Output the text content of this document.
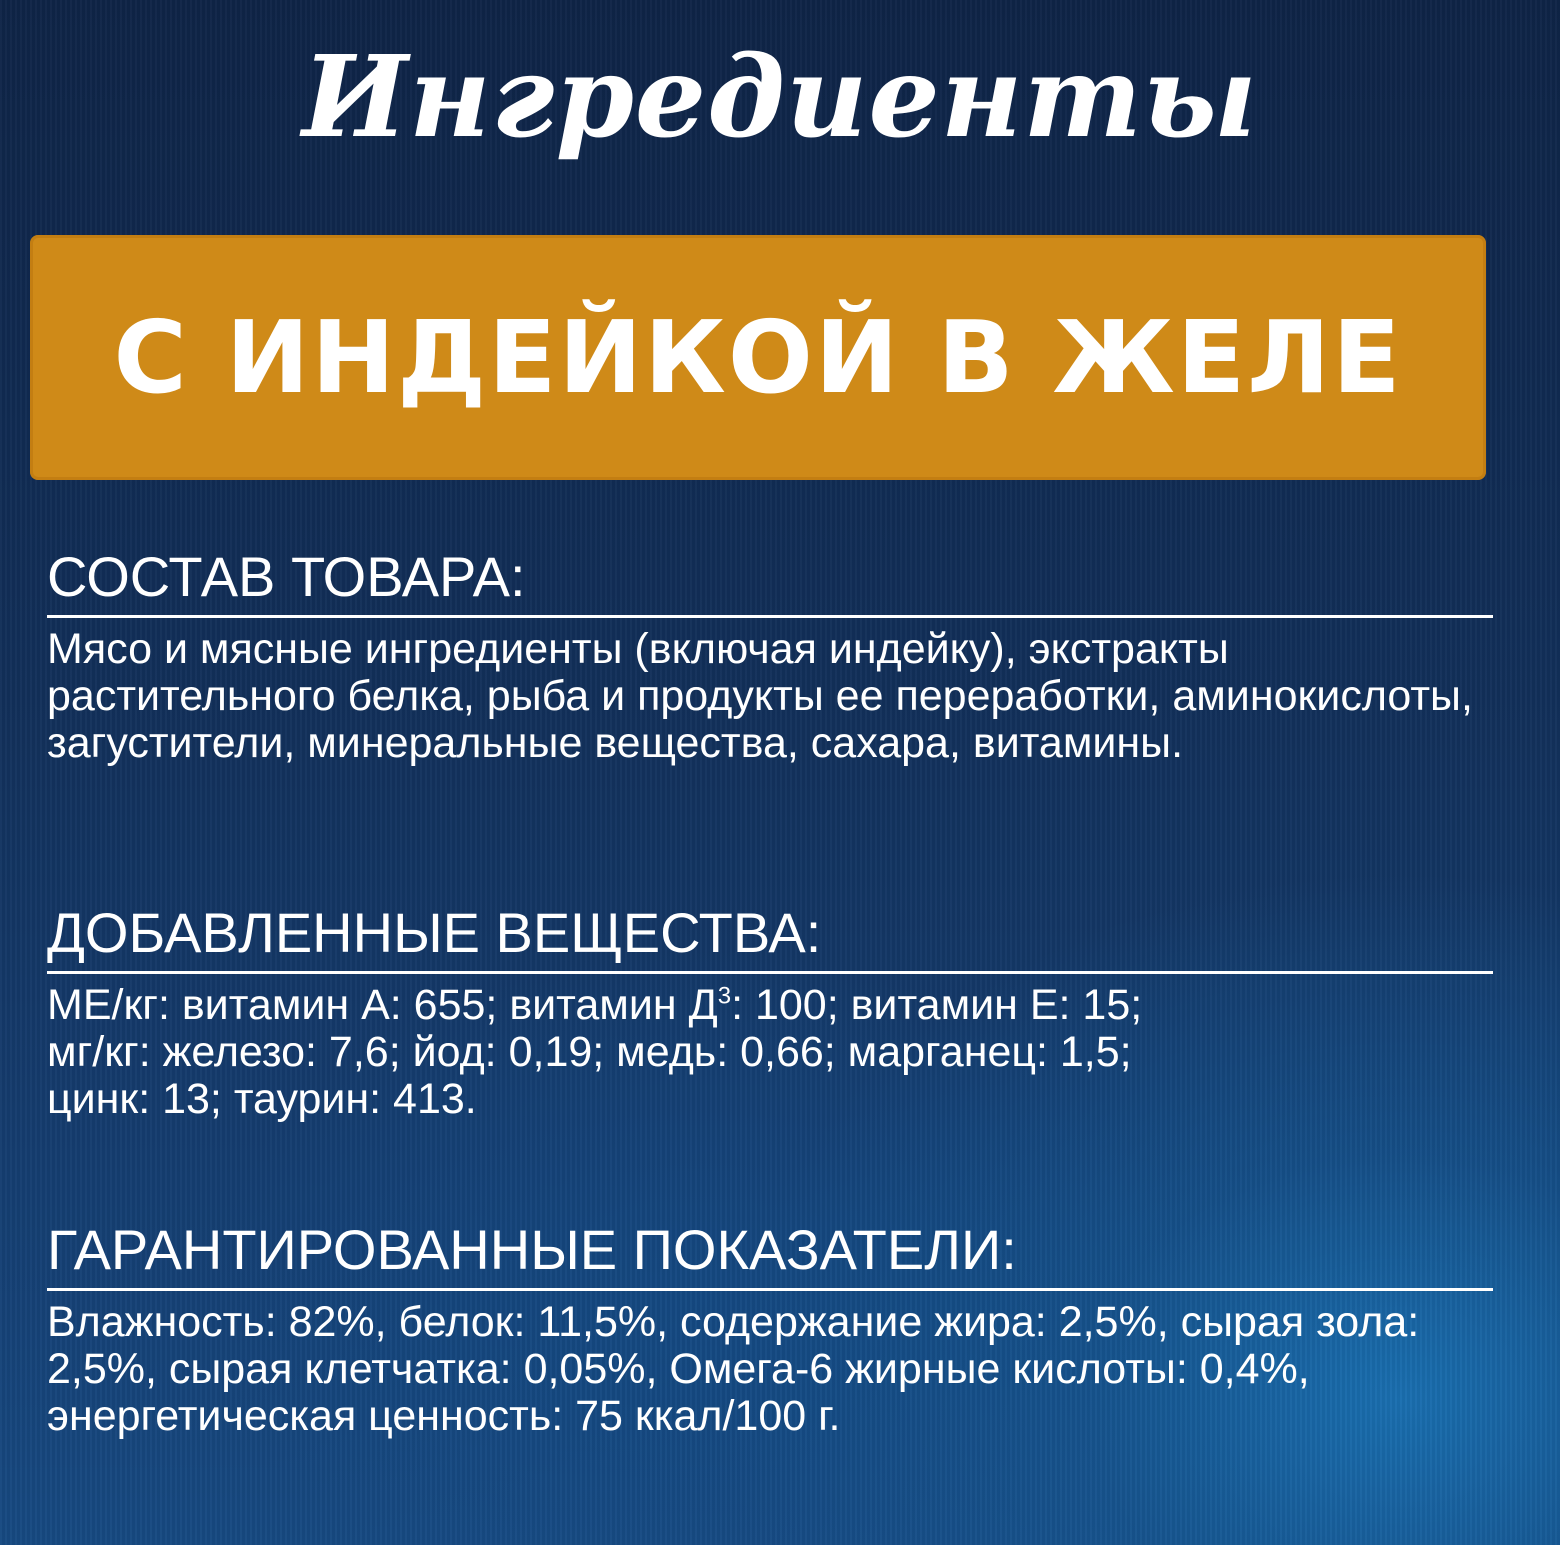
Ингредиенты
С ИНДЕЙКОЙ В ЖЕЛЕ
СОСТАВ ТОВАРА:
Мясо и мясные ингредиенты (включая индейку), экстракты растительного белка, рыба и продукты ее переработки, аминокислоты, загустители, минеральные вещества, сахара, витамины.
ДОБАВЛЕННЫЕ ВЕЩЕСТВА:
МЕ/кг: витамин А: 655; витамин $Д^3$: 100; витамин Е: 15;
мг/кг: железо: 7,6; йод: 0,19; медь: 0,66; марганец: 1,5;
цинк: 13; таурин: 413.
ГАРАНТИРОВАННЫЕ ПОКАЗАТЕЛИ:
Влажность: 82%, белок: 11,5%, содержание жира: 2,5%, сырая зола: 2,5%, сырая клетчатка: 0,05%, Омега-6 жирные кислоты: 0,4%, энергетическая ценность: 75 ккал/100 г.
